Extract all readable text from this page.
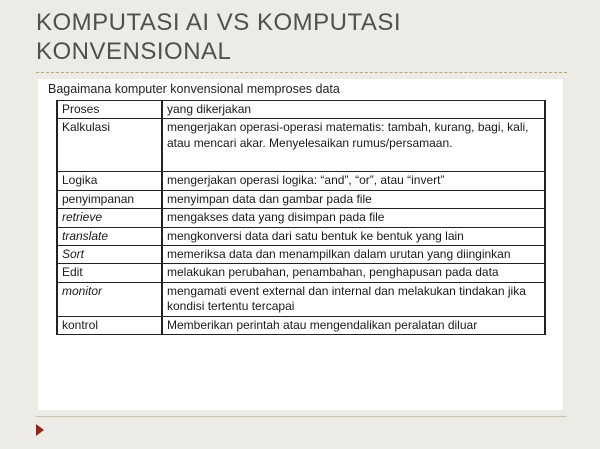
KOMPUTASI AI VS KOMPUTASI KONVENSIONAL
Bagaimana komputer konvensional memproses data
Proses	yang dikerjakan
Kalkulasi	mengerjakan operasi-operasi matematis: tambah, kurang, bagi, kali, atau mencari akar. Menyelesaikan rumus/persamaan.
Logika	mengerjakan operasi logika: “and”, “or”, atau “invert”
penyimpanan	menyimpan data dan gambar pada file
retrieve	mengakses data yang disimpan pada file
translate	mengkonversi data dari satu bentuk ke bentuk yang lain
Sort	memeriksa data dan menampilkan dalam urutan yang diinginkan
Edit	melakukan perubahan, penambahan, penghapusan pada data
monitor	mengamati event external dan internal dan melakukan tindakan jika kondisi tertentu tercapai
kontrol	Memberikan perintah atau mengendalikan peralatan diluar
